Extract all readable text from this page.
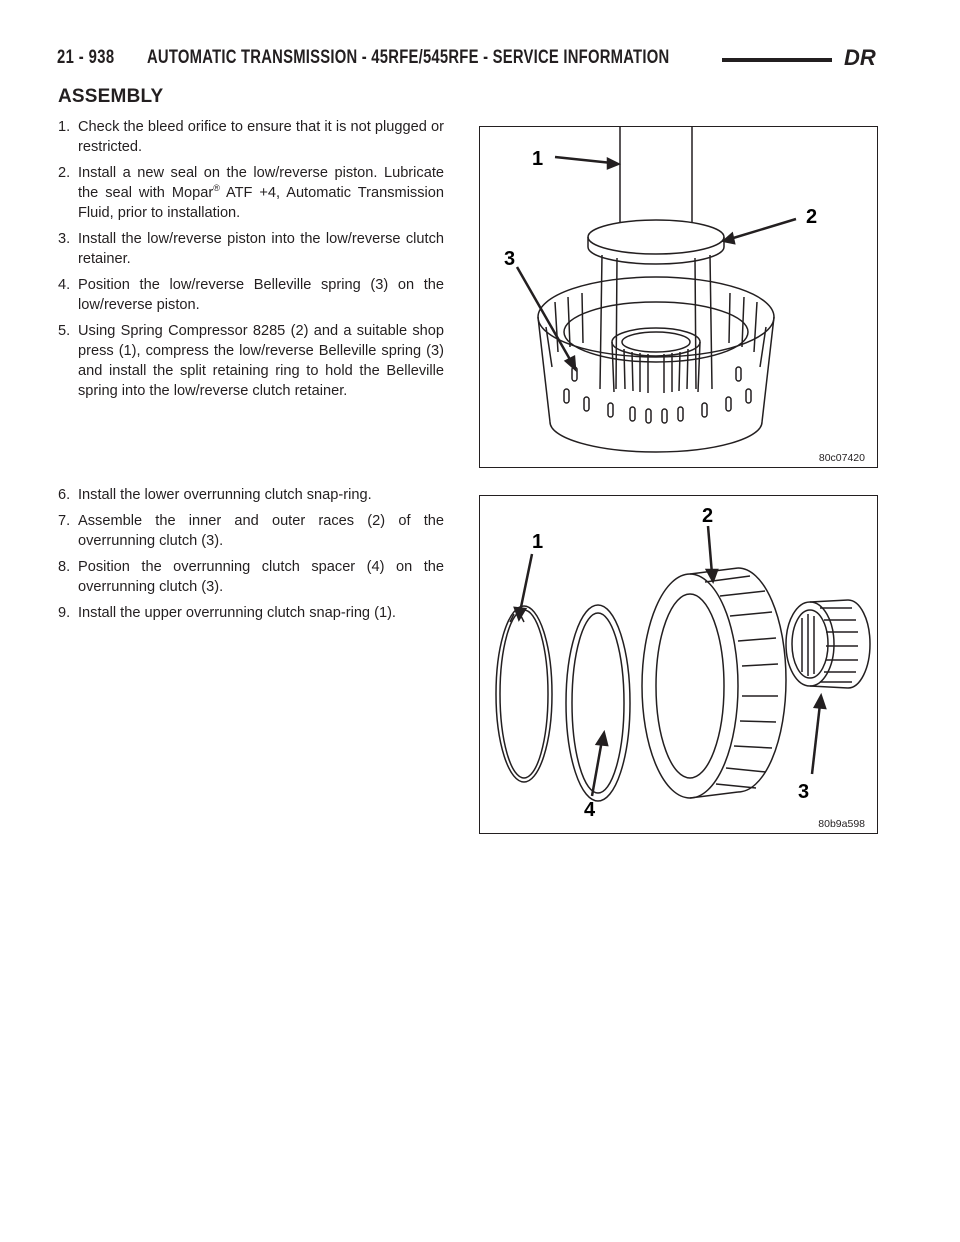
21 - 938 AUTOMATIC TRANSMISSION - 45RFE/545RFE - SERVICE INFORMATION	DR
ASSEMBLY
1. Check the bleed orifice to ensure that it is not plugged or restricted.
2. Install a new seal on the low/reverse piston. Lubricate the seal with Mopar® ATF +4, Automatic Transmission Fluid, prior to installation.
3. Install the low/reverse piston into the low/reverse clutch retainer.
4. Position the low/reverse Belleville spring (3) on the low/reverse piston.
5. Using Spring Compressor 8285 (2) and a suitable shop press (1), compress the low/reverse Belleville spring (3) and install the split retaining ring to hold the Belleville spring into the low/reverse clutch retainer.
6. Install the lower overrunning clutch snap-ring.
7. Assemble the inner and outer races (2) of the overrunning clutch (3).
8. Position the overrunning clutch spacer (4) on the overrunning clutch (3).
9. Install the upper overrunning clutch snap-ring (1).
1
2
3
80c07420
1
2
3
4
80b9a598
